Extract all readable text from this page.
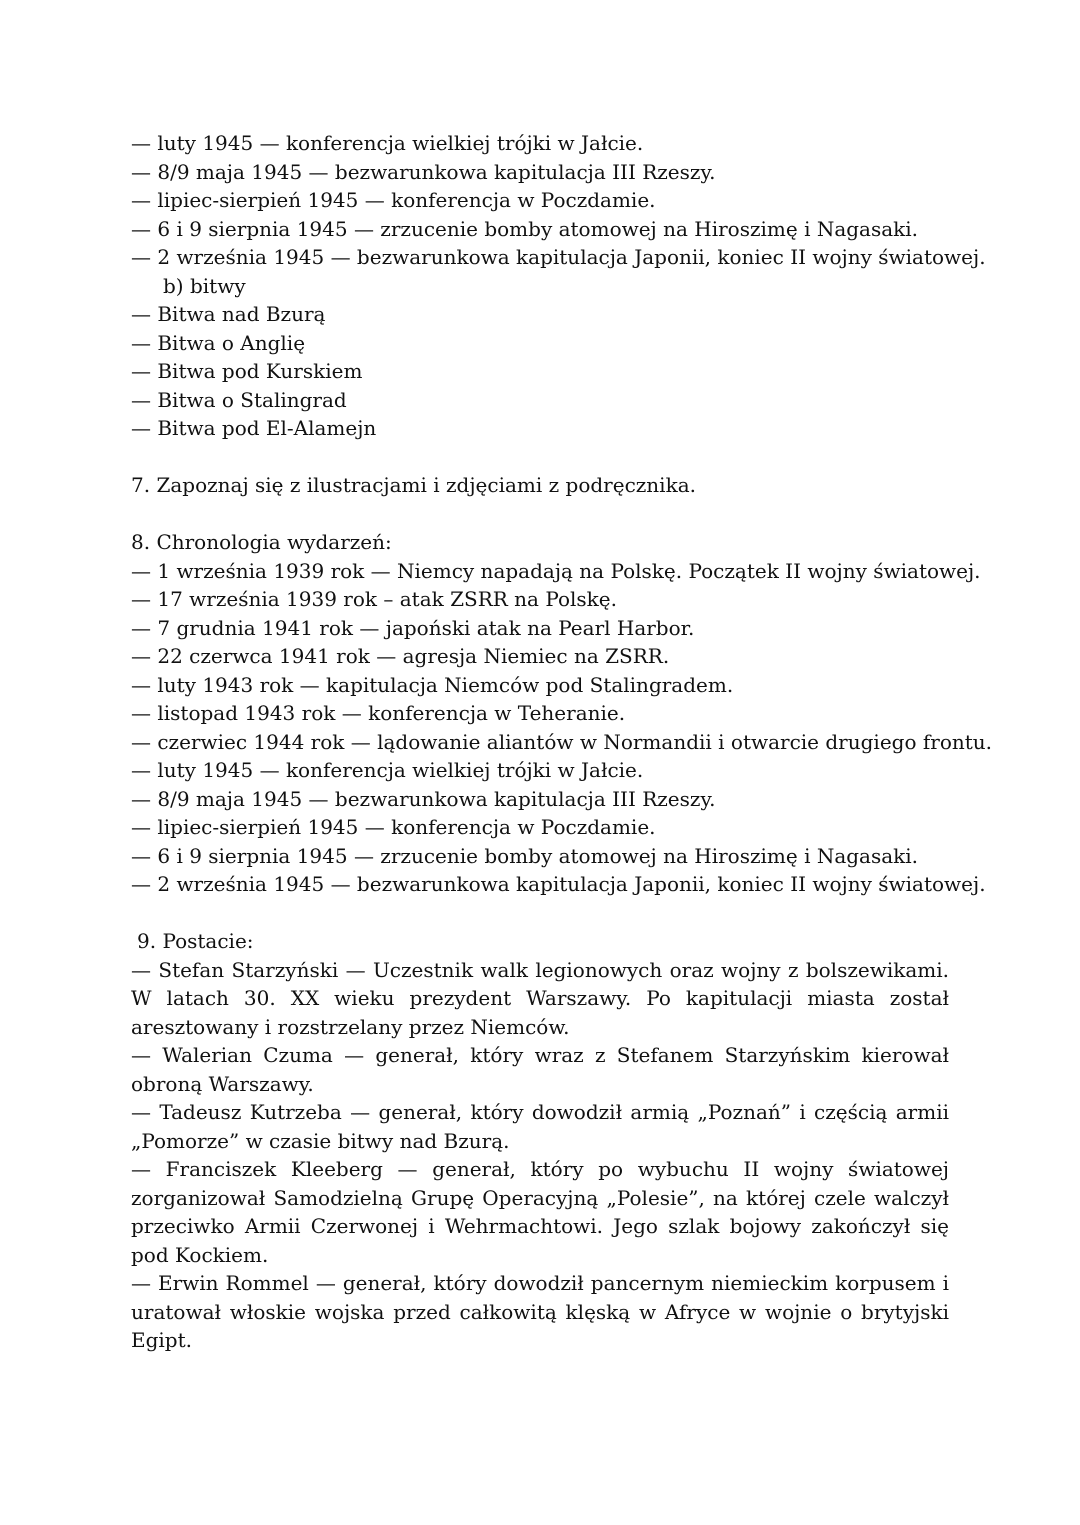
— luty 1945 — konferencja wielkiej trójki w Jałcie.
— 8/9 maja 1945 — bezwarunkowa kapitulacja III Rzeszy.
— lipiec-sierpień 1945 — konferencja w Poczdamie.
— 6 i 9 sierpnia 1945 — zrzucenie bomby atomowej na Hiroszimę i Nagasaki.
— 2 września 1945 — bezwarunkowa kapitulacja Japonii, koniec II wojny światowej.
b) bitwy
— Bitwa nad Bzurą
— Bitwa o Anglię
— Bitwa pod Kurskiem
— Bitwa o Stalingrad
— Bitwa pod El-Alamejn
7. Zapoznaj się z ilustracjami i zdjęciami z podręcznika.
8. Chronologia wydarzeń:
— 1 września 1939 rok — Niemcy napadają na Polskę. Początek II wojny światowej.
— 17 września 1939 rok – atak ZSRR na Polskę.
— 7 grudnia 1941 rok — japoński atak na Pearl Harbor.
— 22 czerwca 1941 rok — agresja Niemiec na ZSRR.
— luty 1943 rok — kapitulacja Niemców pod Stalingradem.
— listopad 1943 rok — konferencja w Teheranie.
— czerwiec 1944 rok — lądowanie aliantów w Normandii i otwarcie drugiego frontu.
— luty 1945 — konferencja wielkiej trójki w Jałcie.
— 8/9 maja 1945 — bezwarunkowa kapitulacja III Rzeszy.
— lipiec-sierpień 1945 — konferencja w Poczdamie.
— 6 i 9 sierpnia 1945 — zrzucenie bomby atomowej na Hiroszimę i Nagasaki.
— 2 września 1945 — bezwarunkowa kapitulacja Japonii, koniec II wojny światowej.
9. Postacie:
— Stefan Starzyński — Uczestnik walk legionowych oraz wojny z bolszewikami. W latach 30. XX wieku prezydent Warszawy. Po kapitulacji miasta został aresztowany i rozstrzelany przez Niemców.
— Walerian Czuma — generał, który wraz z Stefanem Starzyńskim kierował obroną Warszawy.
— Tadeusz Kutrzeba — generał, który dowodził armią „Poznań” i częścią armii „Pomorze” w czasie bitwy nad Bzurą.
— Franciszek Kleeberg — generał, który po wybuchu II wojny światowej zorganizował Samodzielną Grupę Operacyjną „Polesie”, na której czele walczył przeciwko Armii Czerwonej i Wehrmachtowi. Jego szlak bojowy zakończył się pod Kockiem.
— Erwin Rommel — generał, który dowodził pancernym niemieckim korpusem i uratował włoskie wojska przed całkowitą klęską w Afryce w wojnie o brytyjski Egipt.
